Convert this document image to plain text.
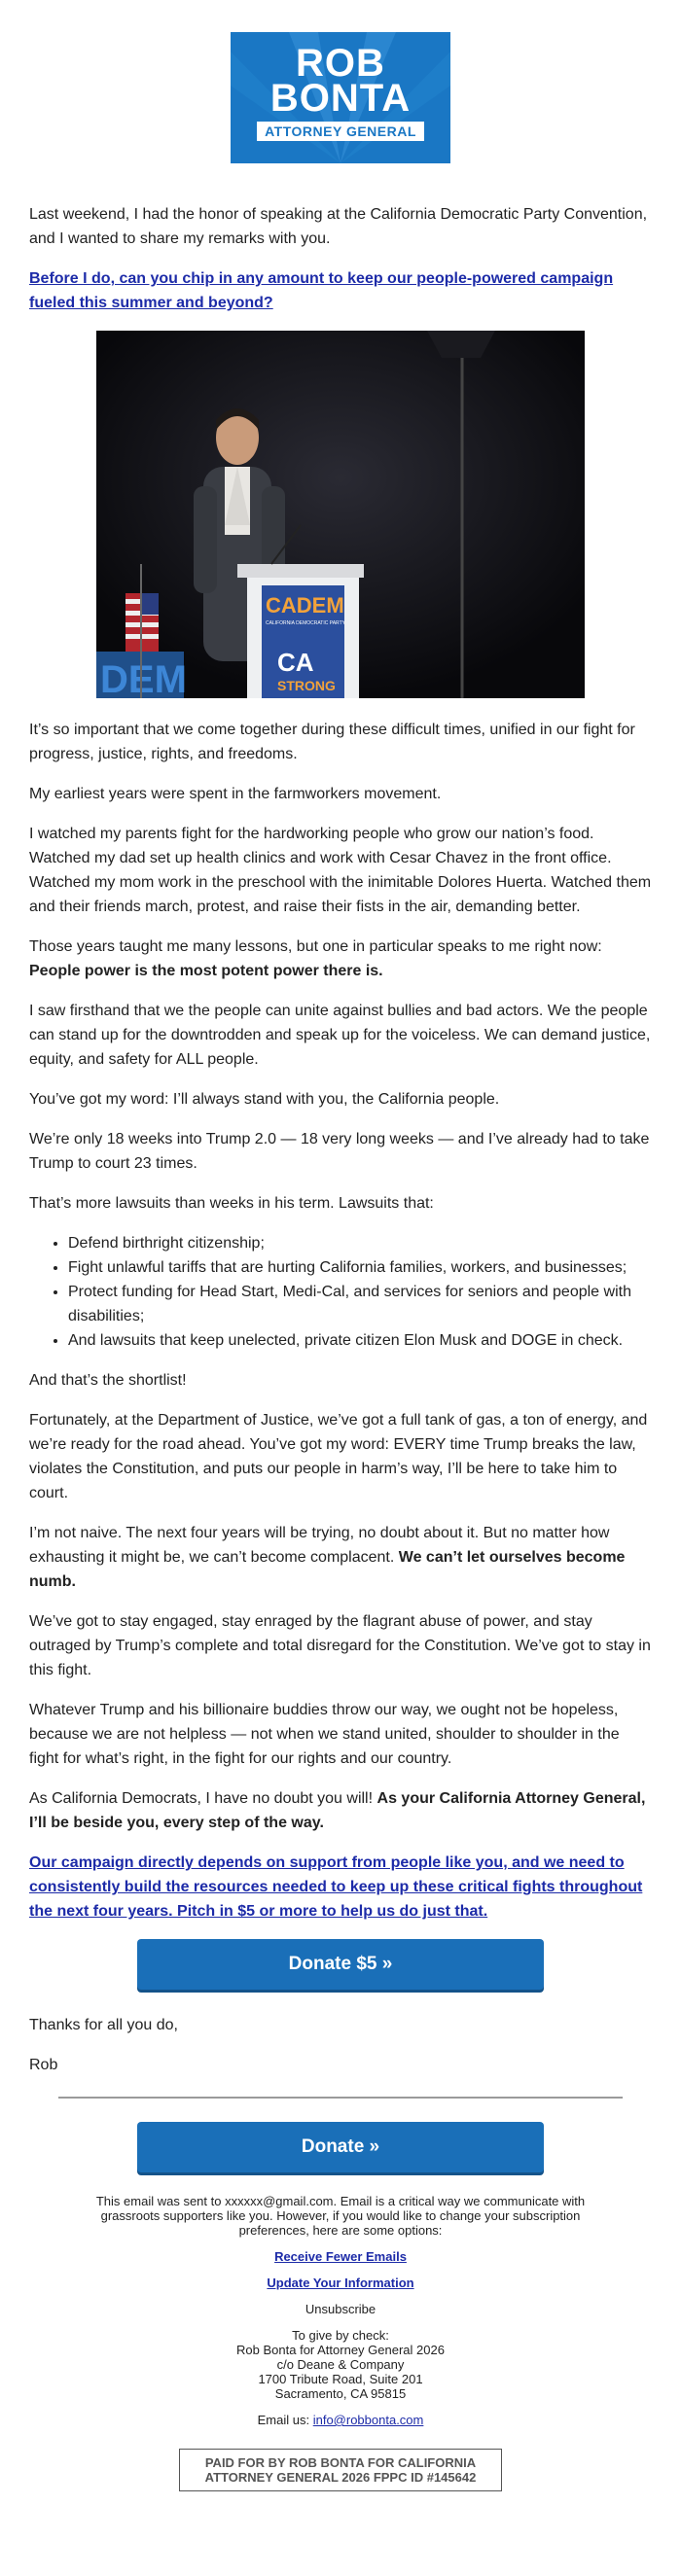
ROB
BONTA
ATTORNEY GENERAL

Last weekend, I had the honor of speaking at the California Democratic Party Convention, and I wanted to share my remarks with you.

Before I do, can you chip in any amount to keep our people-powered campaign fueled this summer and beyond?

DEM
CADEM
CALIFORNIA DEMOCRATIC PARTY
CA
STRONG

It’s so important that we come together during these difficult times, unified in our fight for progress, justice, rights, and freedoms.

My earliest years were spent in the farmworkers movement.

I watched my parents fight for the hardworking people who grow our nation’s food. Watched my dad set up health clinics and work with Cesar Chavez in the front office. Watched my mom work in the preschool with the inimitable Dolores Huerta. Watched them and their friends march, protest, and raise their fists in the air, demanding better.

Those years taught me many lessons, but one in particular speaks to me right now:
People power is the most potent power there is.

I saw firsthand that we the people can unite against bullies and bad actors. We the people can stand up for the downtrodden and speak up for the voiceless. We can demand justice, equity, and safety for ALL people.

You’ve got my word: I’ll always stand with you, the California people.

We’re only 18 weeks into Trump 2.0 — 18 very long weeks — and I’ve already had to take Trump to court 23 times.

That’s more lawsuits than weeks in his term. Lawsuits that:

• Defend birthright citizenship;
• Fight unlawful tariffs that are hurting California families, workers, and businesses;
• Protect funding for Head Start, Medi-Cal, and services for seniors and people with disabilities;
• And lawsuits that keep unelected, private citizen Elon Musk and DOGE in check.

And that’s the shortlist!

Fortunately, at the Department of Justice, we’ve got a full tank of gas, a ton of energy, and we’re ready for the road ahead. You’ve got my word: EVERY time Trump breaks the law, violates the Constitution, and puts our people in harm’s way, I’ll be here to take him to court.

I’m not naive. The next four years will be trying, no doubt about it. But no matter how exhausting it might be, we can’t become complacent. We can’t let ourselves become numb.

We’ve got to stay engaged, stay enraged by the flagrant abuse of power, and stay outraged by Trump’s complete and total disregard for the Constitution. We’ve got to stay in this fight.

Whatever Trump and his billionaire buddies throw our way, we ought not be hopeless, because we are not helpless — not when we stand united, shoulder to shoulder in the fight for what’s right, in the fight for our rights and our country.

As California Democrats, I have no doubt you will! As your California Attorney General, I’ll be beside you, every step of the way.

Our campaign directly depends on support from people like you, and we need to consistently build the resources needed to keep up these critical fights throughout the next four years. Pitch in $5 or more to help us do just that.

Donate $5 »

Thanks for all you do,

Rob

Donate »

This email was sent to xxxxxx@gmail.com. Email is a critical way we communicate with grassroots supporters like you. However, if you would like to change your subscription preferences, here are some options:

Receive Fewer Emails

Update Your Information

Unsubscribe

To give by check:
Rob Bonta for Attorney General 2026
c/o Deane & Company
1700 Tribute Road, Suite 201
Sacramento, CA 95815

Email us: info@robbonta.com

PAID FOR BY ROB BONTA FOR CALIFORNIA
ATTORNEY GENERAL 2026 FPPC ID #145642
